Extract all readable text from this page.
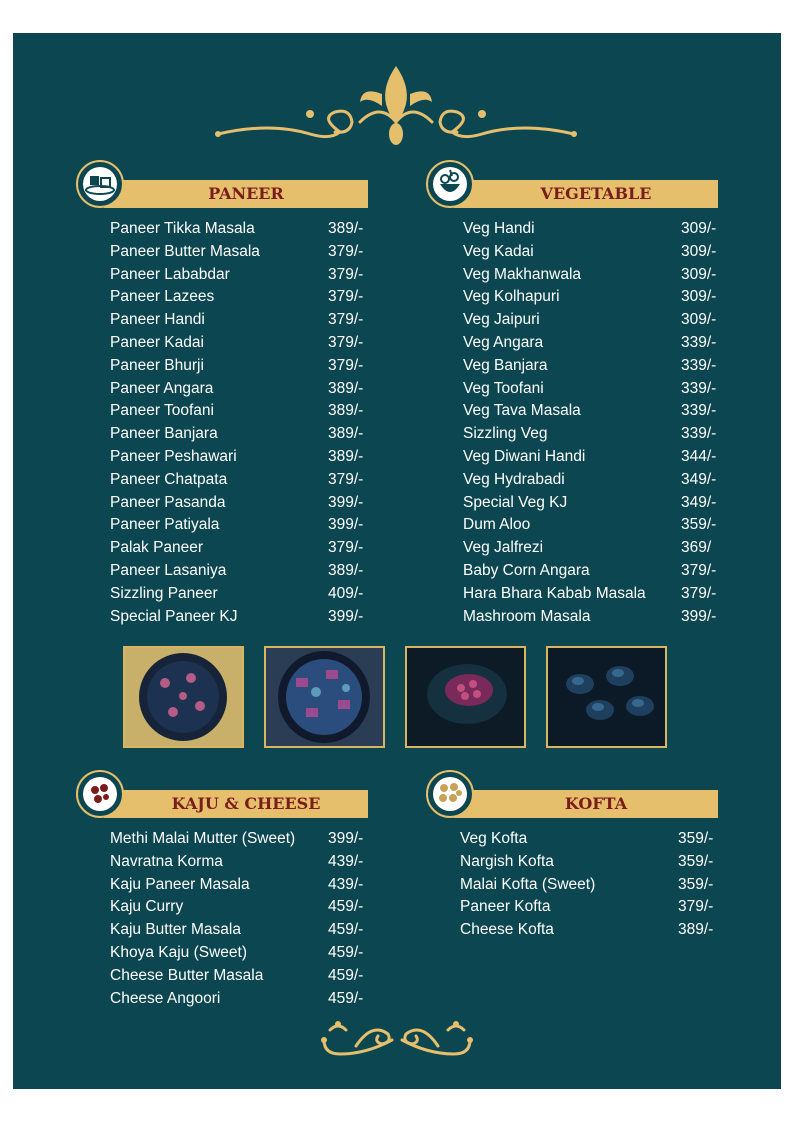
PANEER
Paneer Tikka Masala	389/-
Paneer Butter Masala	379/-
Paneer Lababdar	379/-
Paneer Lazees	379/-
Paneer Handi	379/-
Paneer Kadai	379/-
Paneer Bhurji	379/-
Paneer Angara	389/-
Paneer Toofani	389/-
Paneer Banjara	389/-
Paneer Peshawari	389/-
Paneer Chatpata	379/-
Paneer Pasanda	399/-
Paneer Patiyala	399/-
Palak Paneer	379/-
Paneer Lasaniya	389/-
Sizzling Paneer	409/-
Special Paneer KJ	399/-
VEGETABLE
Veg Handi	309/-
Veg Kadai	309/-
Veg Makhanwala	309/-
Veg Kolhapuri	309/-
Veg Jaipuri	309/-
Veg Angara	339/-
Veg Banjara	339/-
Veg Toofani	339/-
Veg Tava Masala	339/-
Sizzling Veg	339/-
Veg Diwani Handi	344/-
Veg Hydrabadi	349/-
Special Veg KJ	349/-
Dum Aloo	359/-
Veg Jalfrezi	369/
Baby Corn Angara	379/-
Hara Bhara Kabab Masala 379/-
Mashroom Masala	399/-
KAJU & CHEESE
Methi Malai Mutter (Sweet) 399/-
Navratna Korma	439/-
Kaju Paneer Masala	439/-
Kaju Curry	459/-
Kaju Butter Masala	459/-
Khoya Kaju (Sweet)	459/-
Cheese Butter Masala	459/-
Cheese Angoori	459/-
KOFTA
Veg Kofta	359/-
Nargish Kofta	359/-
Malai Kofta (Sweet)	359/-
Paneer Kofta	379/-
Cheese Kofta	389/-
